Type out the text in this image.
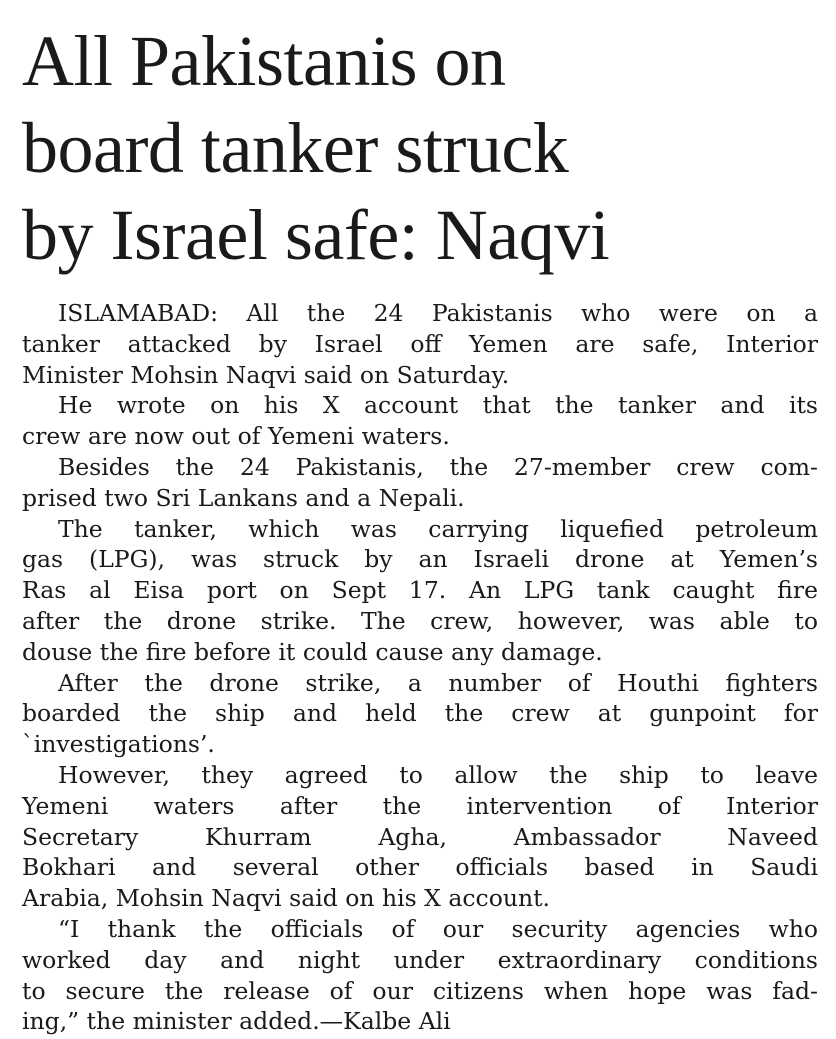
All Pakistanis on
board tanker struck
by Israel safe: Naqvi

ISLAMABAD: All the 24 Pakistanis who were on a
tanker attacked by Israel off Yemen are safe, Interior
Minister Mohsin Naqvi said on Saturday.

He wrote on his X account that the tanker and its
crew are now out of Yemeni waters.

Besides the 24 Pakistanis, the 27-member crew com-
prised two Sri Lankans and a Nepali.

The tanker, which was carrying liquefied petroleum
gas (LPG), was struck by an Israeli drone at Yemen’s
Ras al Eisa port on Sept 17. An LPG tank caught fire
after the drone strike. The crew, however, was able to
douse the fire before it could cause any damage.

After the drone strike, a number of Houthi fighters
boarded the ship and held the crew at gunpoint for
`investigations’.

However, they agreed to allow the ship to leave
Yemeni waters after the intervention of Interior
Secretary Khurram Agha, Ambassador Naveed
Bokhari and several other officials based in Saudi
Arabia, Mohsin Naqvi said on his X account.

“I thank the officials of our security agencies who
worked day and night under extraordinary conditions
to secure the release of our citizens when hope was fad-
ing,” the minister added.—Kalbe Ali
